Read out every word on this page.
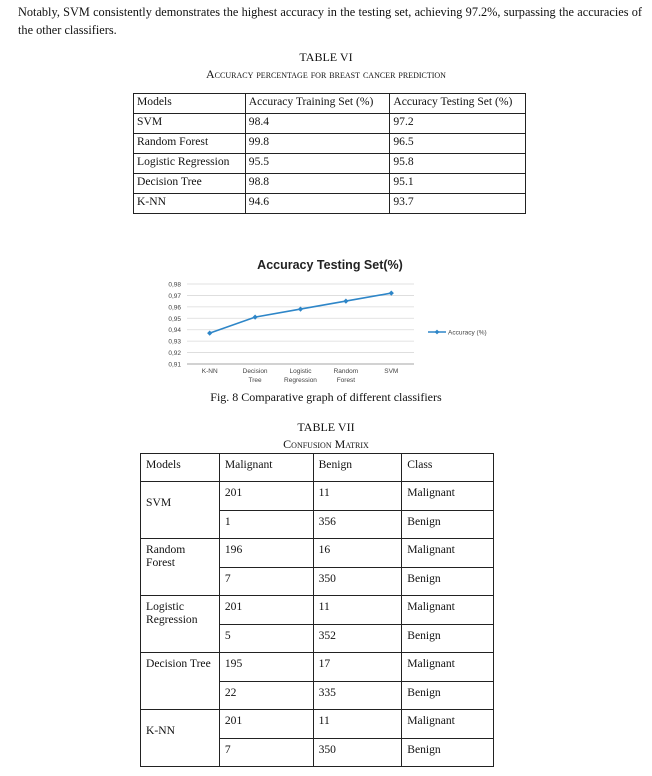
Notably, SVM consistently demonstrates the highest accuracy in the testing set, achieving 97.2%, surpassing the accuracies of the other classifiers.
TABLE VI
Accuracy percentage for breast cancer prediction
Models	Accuracy Training Set (%)	Accuracy Testing Set (%)
SVM	98.4	97.2
Random Forest	99.8	96.5
Logistic Regression	95.5	95.8
Decision Tree	98.8	95.1
K-NN	94.6	93.7
Accuracy Testing Set(%)
0,91
0,92
0,93
0,94
0,95
0,96
0,97
0,98
K-NN	Decision
Tree
Logistic
Regression
Random
Forest
SVM
Accuracy (%)
Fig. 8 Comparative graph of different classifiers
TABLE VII
Confusion Matrix
Models	Malignant	Benign	Class
SVM	201	11	Malignant
	1	356	Benign
Random Forest	196	16	Malignant
	7	350	Benign
Logistic Regression	201	11	Malignant
	5	352	Benign
Decision Tree	195	17	Malignant
	22	335	Benign
K-NN	201	11	Malignant
	7	350	Benign
